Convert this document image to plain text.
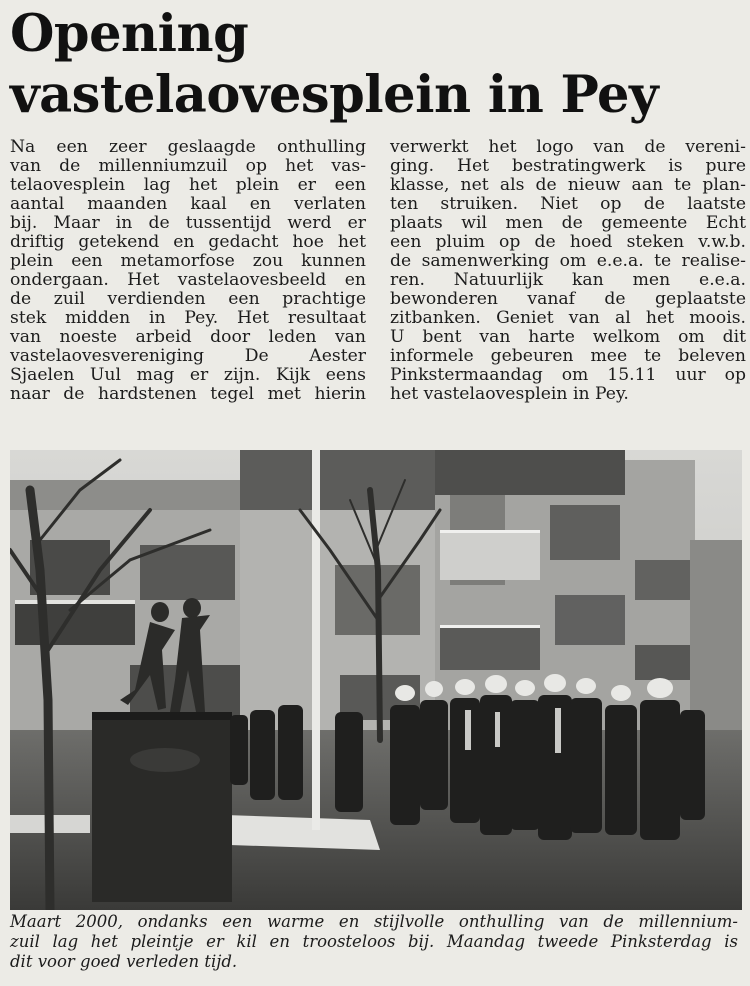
Opening
vastelaovesplein in Pey
Na een zeer geslaagde onthulling
van de millenniumzuil op het vas-
telaovesplein lag het plein er een
aantal maanden kaal en verlaten
bij. Maar in de tussentijd werd er
driftig getekend en gedacht hoe het
plein een metamorfose zou kunnen
ondergaan. Het vastelaovesbeeld en
de zuil verdienden een prachtige
stek midden in Pey. Het resultaat
van noeste arbeid door leden van
vastelaovesvereniging De Aester
Sjaelen Uul mag er zijn. Kijk eens
naar de hardstenen tegel met hierin
verwerkt het logo van de vereni-
ging. Het bestratingwerk is pure
klasse, net als de nieuw aan te plan-
ten struiken. Niet op de laatste
plaats wil men de gemeente Echt
een pluim op de hoed steken v.w.b.
de samenwerking om e.e.a. te realise-
ren. Natuurlijk kan men e.e.a.
bewonderen vanaf de geplaatste
zitbanken. Geniet van al het moois.
U bent van harte welkom om dit
informele gebeuren mee te beleven
Pinkstermaandag om 15.11 uur op
het vastelaovesplein in Pey.
Maart 2000, ondanks een warme en stijlvolle onthulling van de millennium-
zuil lag het pleintje er kil en troosteloos bij. Maandag tweede Pinksterdag is
dit voor goed verleden tijd.
